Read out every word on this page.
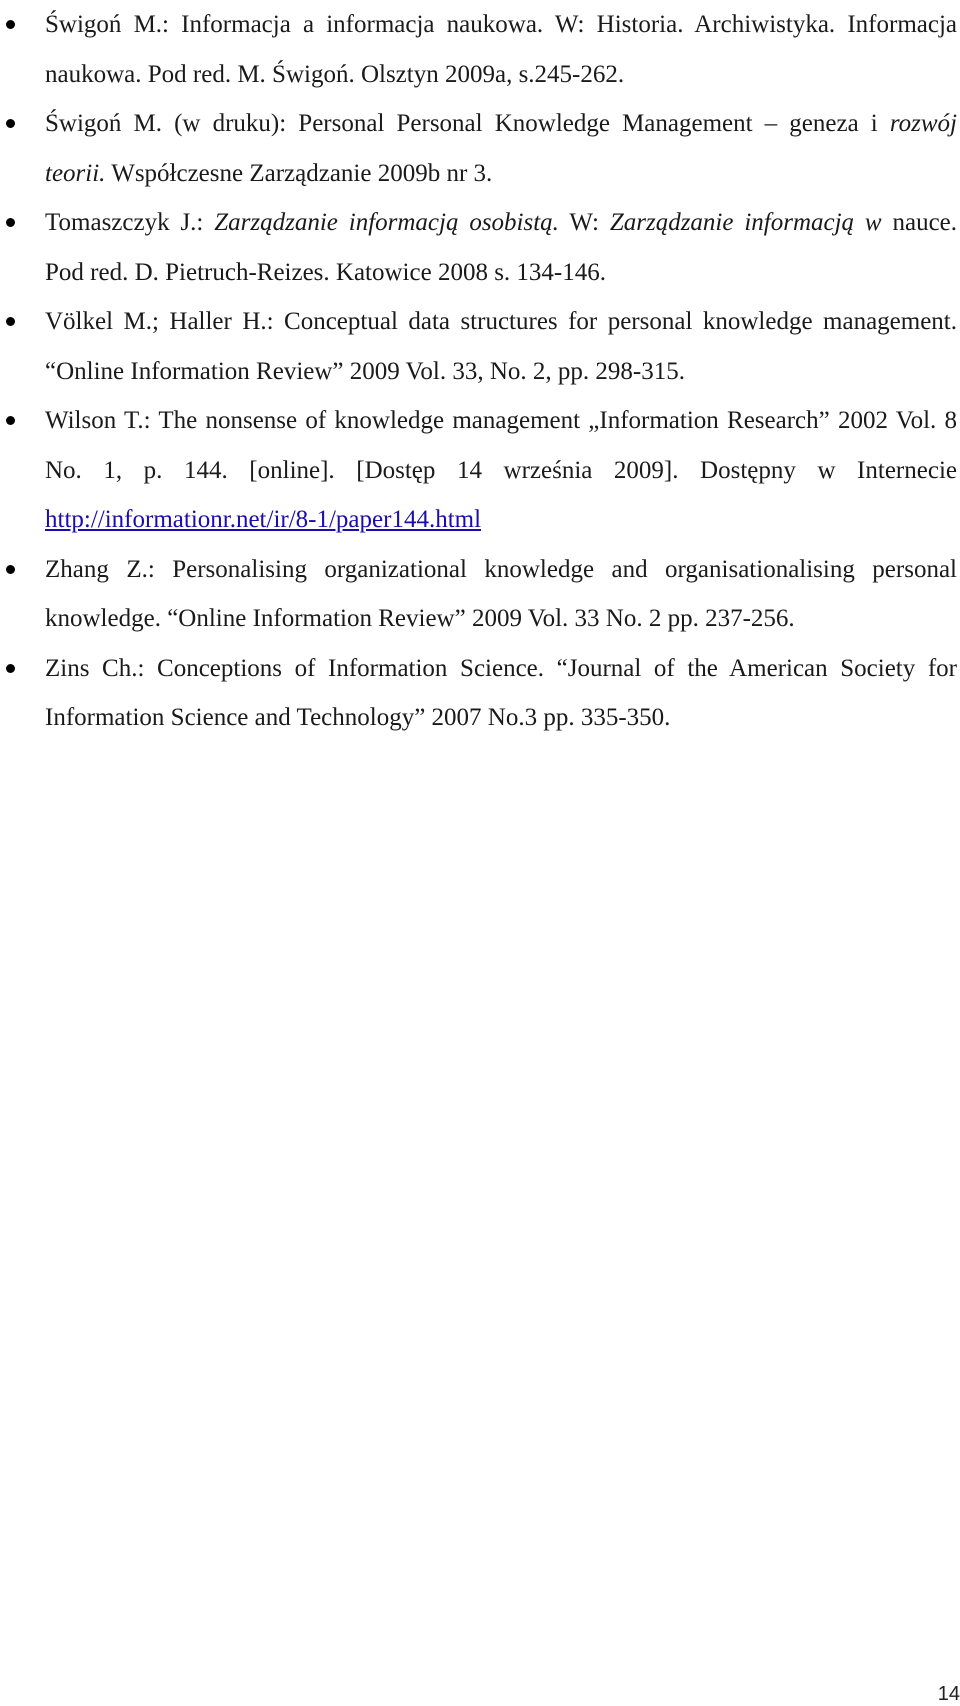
Świgoń M.: Informacja a informacja naukowa. W: Historia. Archiwistyka. Informacja naukowa. Pod red. M. Świgoń. Olsztyn 2009a, s.245-262.
Świgoń M. (w druku): Personal Personal Knowledge Management – geneza i rozwój teorii. Współczesne Zarządzanie 2009b nr 3.
Tomaszczyk J.: Zarządzanie informacją osobistą. W: Zarządzanie informacją w nauce. Pod red. D. Pietruch-Reizes. Katowice 2008 s. 134-146.
Völkel M.; Haller H.: Conceptual data structures for personal knowledge management. “Online Information Review” 2009 Vol. 33, No. 2, pp. 298-315.
Wilson T.: The nonsense of knowledge management „Information Research” 2002 Vol. 8 No. 1, p. 144. [online]. [Dostęp 14 września 2009]. Dostępny w Internecie http://informationr.net/ir/8-1/paper144.html
Zhang Z.: Personalising organizational knowledge and organisationalising personal knowledge. “Online Information Review” 2009 Vol. 33 No. 2 pp. 237-256.
Zins Ch.: Conceptions of Information Science. “Journal of the American Society for Information Science and Technology” 2007 No.3 pp. 335-350.
14
